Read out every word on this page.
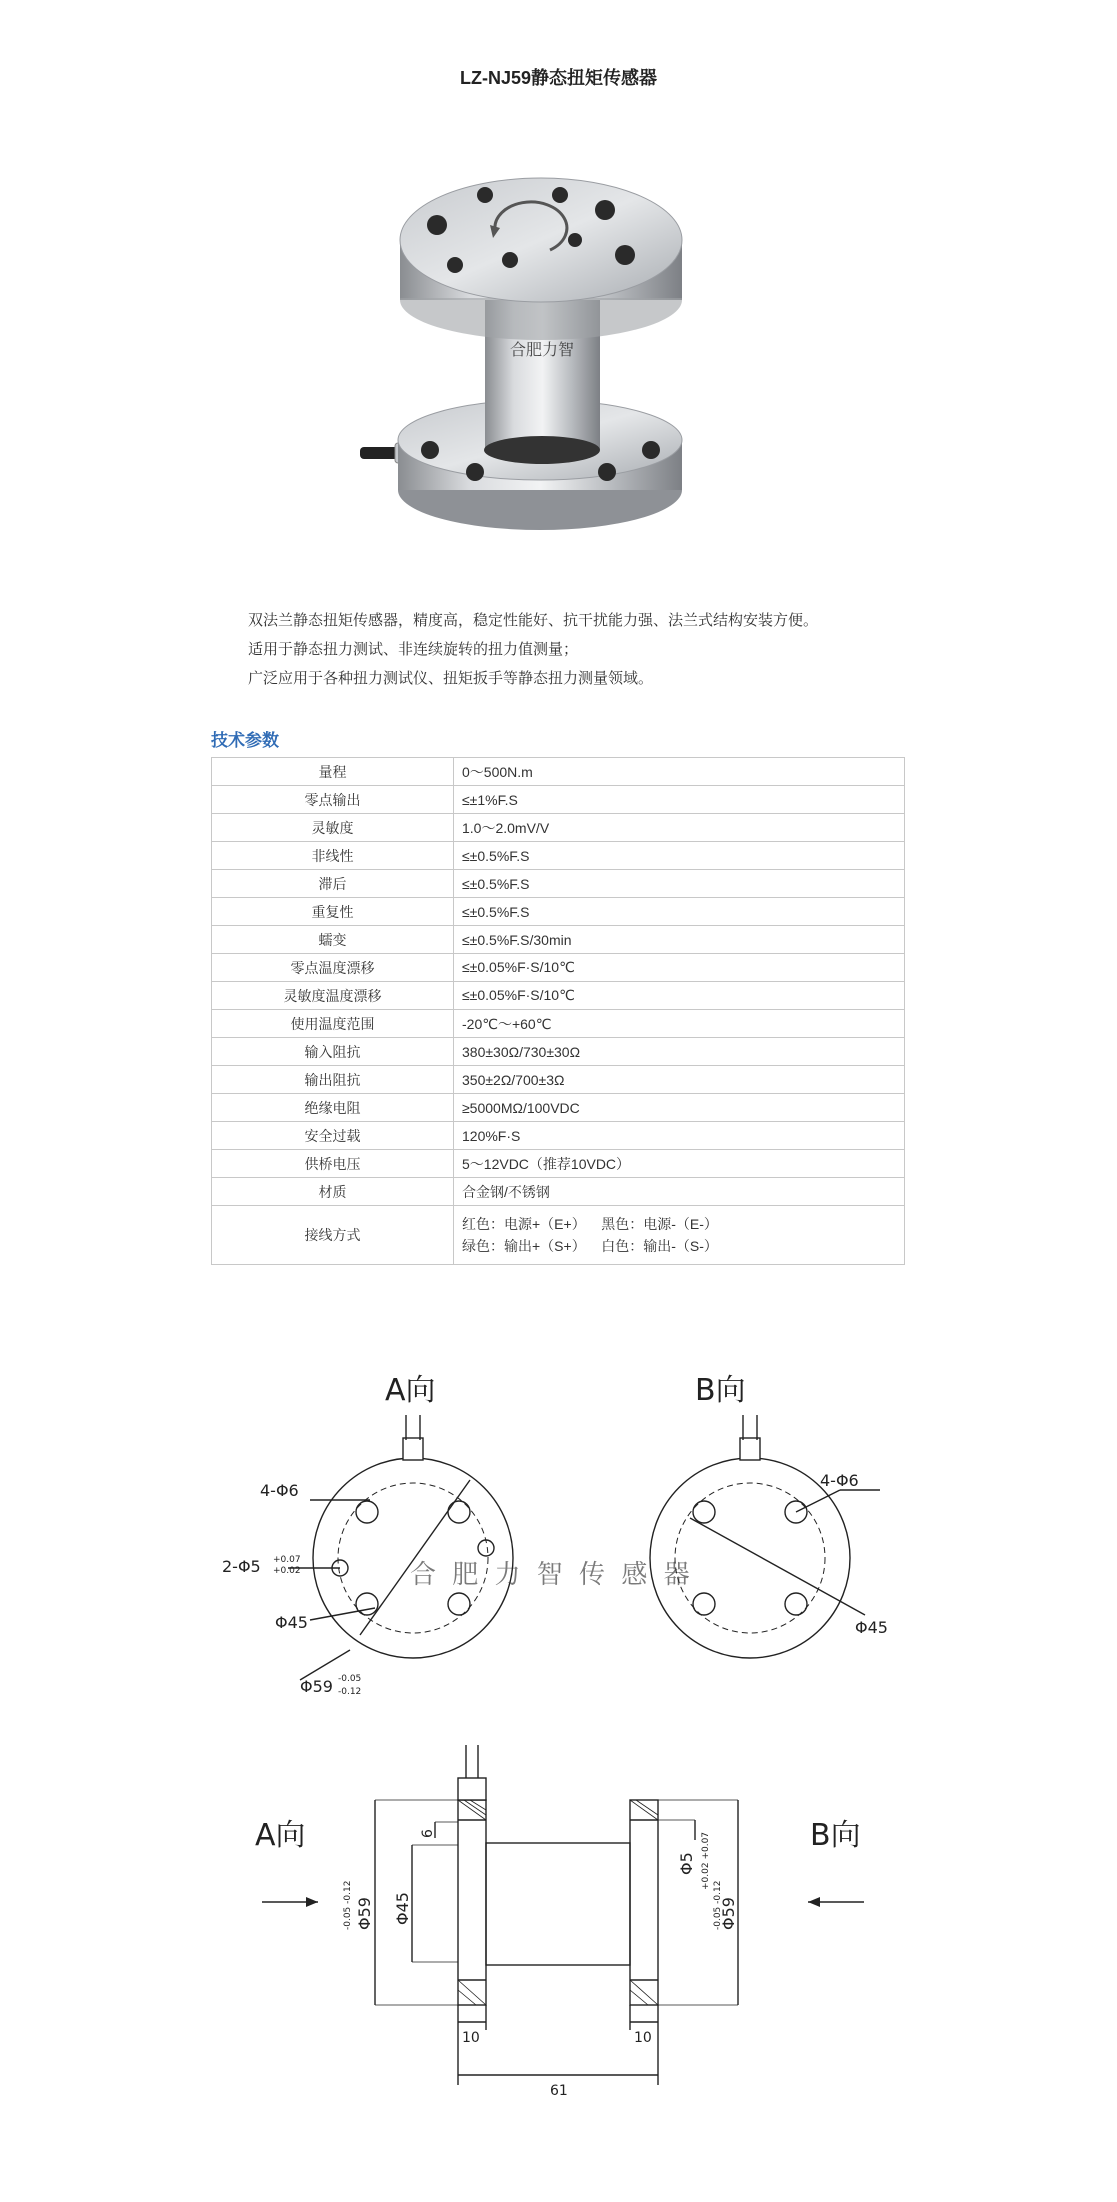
LZ-NJ59静态扭矩传感器
合肥力智
双法兰静态扭矩传感器，精度高，稳定性能好、抗干扰能力强、法兰式结构安装方便。
适用于静态扭力测试、非连续旋转的扭力值测量；
广泛应用于各种扭力测试仪、扭矩扳手等静态扭力测量领域。
技术参数
量程	0～500N.m
零点输出	≤±1%F.S
灵敏度	1.0～2.0mV/V
非线性	≤±0.5%F.S
滞后	≤±0.5%F.S
重复性	≤±0.5%F.S
蠕变	≤±0.5%F.S/30min
零点温度漂移	≤±0.05%F·S/10℃
灵敏度温度漂移	≤±0.05%F·S/10℃
使用温度范围	-20℃～+60℃
输入阻抗	380±30Ω/730±30Ω
输出阻抗	350±2Ω/700±3Ω
绝缘电阻	≥5000MΩ/100VDC
安全过载	120%F·S
供桥电压	5～12VDC（推荐10VDC）
材质	合金钢/不锈钢
接线方式	红色：电源+（E+）    黑色：电源-（E-）
绿色：输出+（S+）    白色：输出-（S-）
A向	B向
4-Φ6
4-Φ6
2-Φ5 +0.07
+0.02
Φ45	Φ45
Φ59 -0.05
-0.12
合 肥 力 智 传 感 器
A向	B向
6
Φ45
Φ59
-0.05 -0.12
Φ5 +0.02 +0.07
Φ59
-0.05 -0.12
10	10
61
